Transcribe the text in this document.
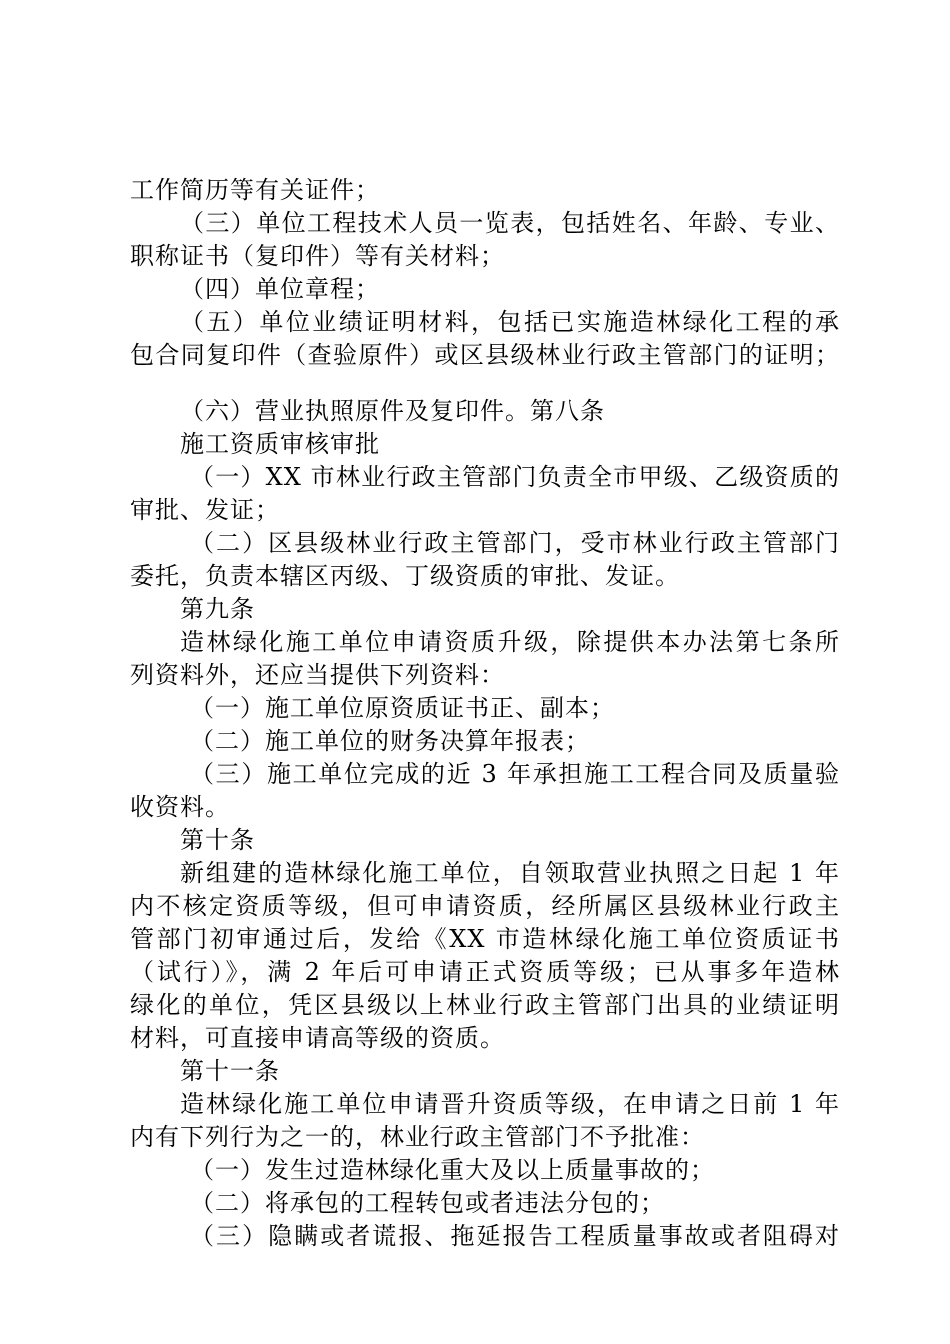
工作简历等有关证件；
（三）单位工程技术人员一览表，包括姓名、年龄、专业、
职称证书（复印件）等有关材料；
（四）单位章程；
（五）单位业绩证明材料，包括已实施造林绿化工程的承
包合同复印件（查验原件）或区县级林业行政主管部门的证明；
（六）营业执照原件及复印件。第八条
施工资质审核审批
（一）XX 市林业行政主管部门负责全市甲级、乙级资质的
审批、发证；
（二）区县级林业行政主管部门，受市林业行政主管部门
委托，负责本辖区丙级、丁级资质的审批、发证。
第九条
造林绿化施工单位申请资质升级，除提供本办法第七条所
列资料外，还应当提供下列资料：
（一）施工单位原资质证书正、副本；
（二）施工单位的财务决算年报表；
（三）施工单位完成的近 3 年承担施工工程合同及质量验
收资料。
第十条
新组建的造林绿化施工单位，自领取营业执照之日起 1 年
内不核定资质等级，但可申请资质，经所属区县级林业行政主
管部门初审通过后，发给《XX 市造林绿化施工单位资质证书
（试行）》，满 2 年后可申请正式资质等级；已从事多年造林
绿化的单位，凭区县级以上林业行政主管部门出具的业绩证明
材料，可直接申请高等级的资质。
第十一条
造林绿化施工单位申请晋升资质等级，在申请之日前 1 年
内有下列行为之一的，林业行政主管部门不予批准：
（一）发生过造林绿化重大及以上质量事故的；
（二）将承包的工程转包或者违法分包的；
（三）隐瞒或者谎报、拖延报告工程质量事故或者阻碍对
